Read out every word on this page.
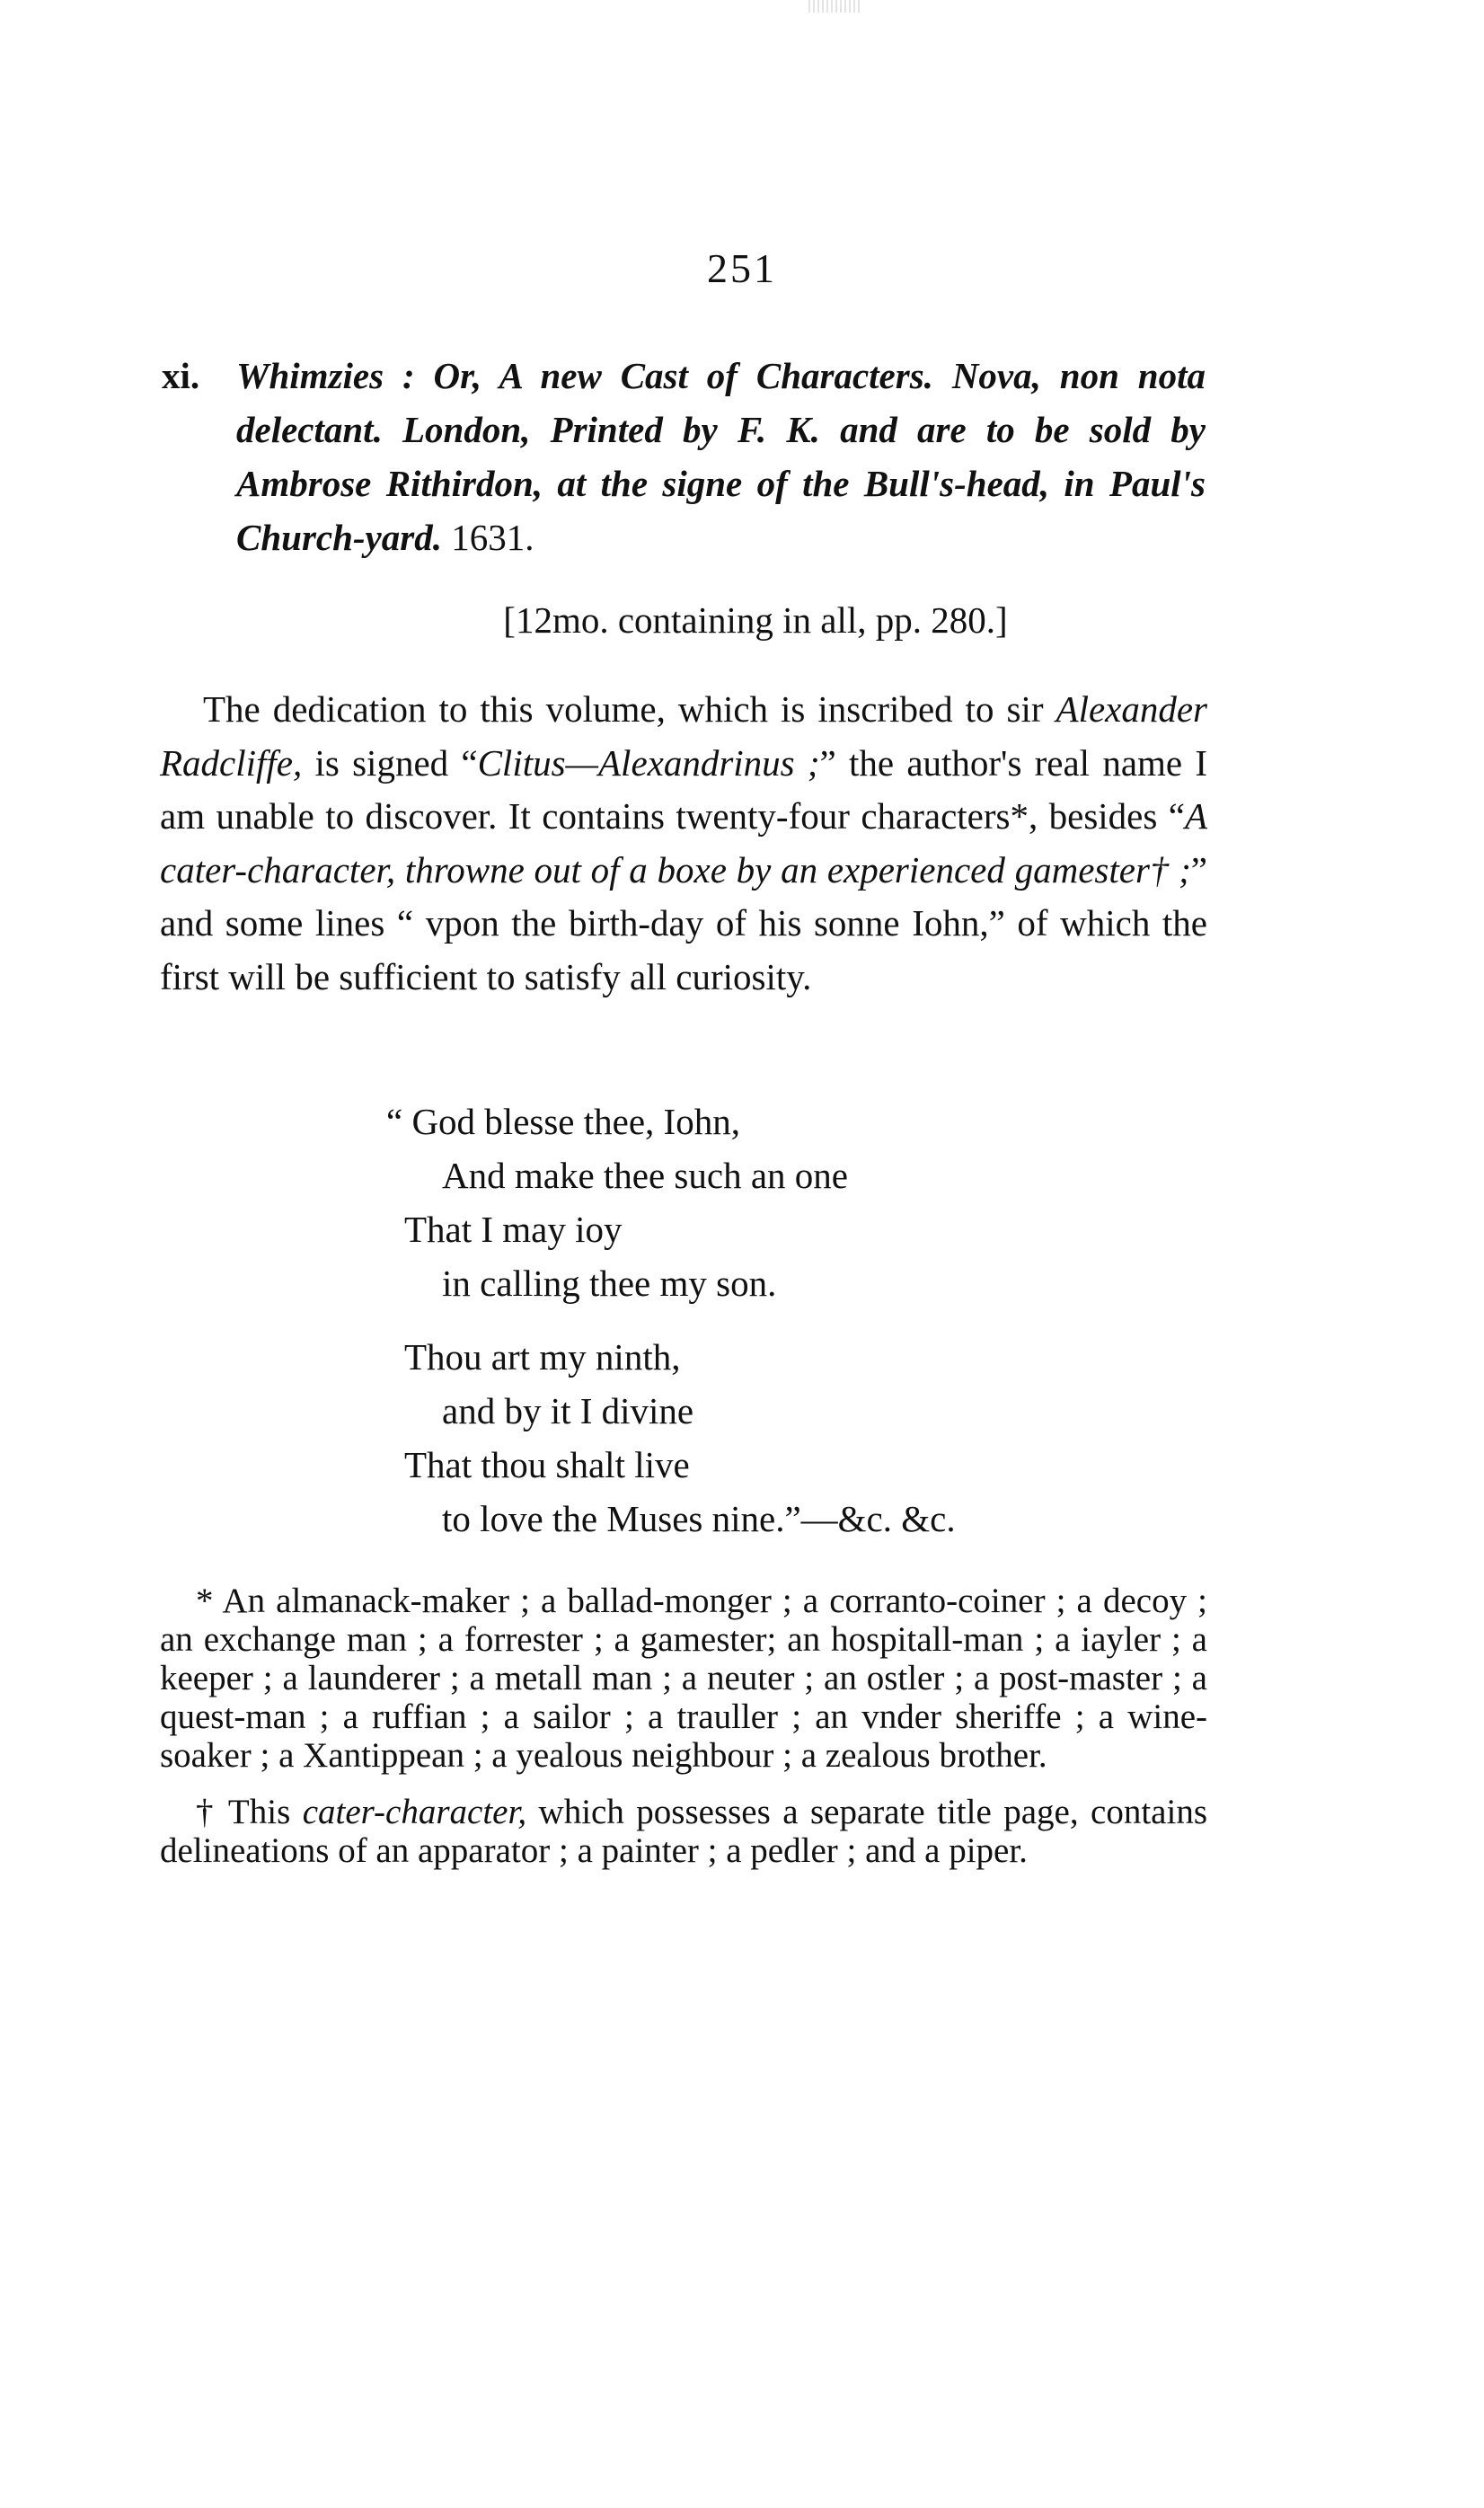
251
xi. Whimzies : Or, A new Cast of Characters. Nova, non nota delectant. London, Printed by F. K. and are to be sold by Ambrose Rithirdon, at the signe of the Bull's-head, in Paul's Church-yard. 1631.
[12mo. containing in all, pp. 280.]
The dedication to this volume, which is inscribed to sir Alexander Radcliffe, is signed “Clitus—Alexandrinus ;” the author's real name I am unable to discover. It contains twenty-four characters*, besides “A cater-character, throwne out of a boxe by an experienced gamester† ;” and some lines “ vpon the birth-day of his sonne Iohn,” of which the first will be sufficient to satisfy all curiosity.
“ God blesse thee, Iohn,
And make thee such an one
That I may ioy
in calling thee my son.
Thou art my ninth,
and by it I divine
That thou shalt live
to love the Muses nine.”—&c. &c.

* An almanack-maker ; a ballad-monger ; a corranto-coiner ; a decoy ; an exchange man ; a forrester ; a gamester; an hospitall-man ; a iayler ; a keeper ; a launderer ; a metall man ; a neuter ; an ostler ; a post-master ; a quest-man ; a ruffian ; a sailor ; a trauller ; an vnder sheriffe ; a wine-soaker ; a Xantippean ; a yealous neighbour ; a zealous brother.

† This cater-character, which possesses a separate title page, contains delineations of an apparator ; a painter ; a pedler ; and a piper.
